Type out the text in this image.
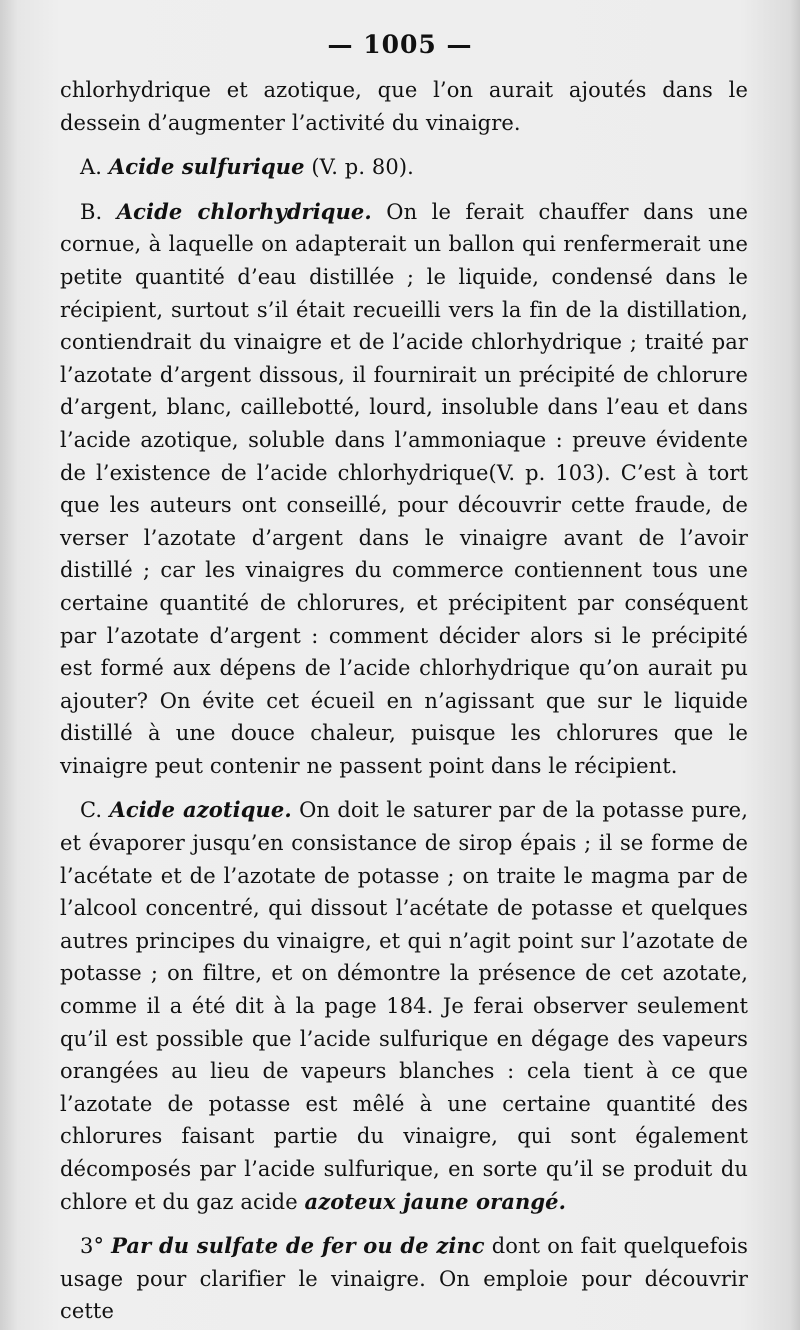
— 1005 —

chlorhydrique et azotique, que l’on aurait ajoutés dans le dessein d’augmenter l’activité du vinaigre.

A. Acide sulfurique (V. p. 80).

B. Acide chlorhydrique. On le ferait chauffer dans une cornue, à laquelle on adapterait un ballon qui renfermerait une petite quantité d’eau distillée ; le liquide, condensé dans le récipient, surtout s’il était recueilli vers la fin de la distillation, contiendrait du vinaigre et de l’acide chlorhydrique ; traité par l’azotate d’argent dissous, il fournirait un précipité de chlorure d’argent, blanc, caillebotté, lourd, insoluble dans l’eau et dans l’acide azotique, soluble dans l’ammoniaque : preuve évidente de l’existence de l’acide chlorhydrique(V. p. 103). C’est à tort que les auteurs ont conseillé, pour découvrir cette fraude, de verser l’azotate d’argent dans le vinaigre avant de l’avoir distillé ; car les vinaigres du commerce contiennent tous une certaine quantité de chlorures, et précipitent par conséquent par l’azotate d’argent : comment décider alors si le précipité est formé aux dépens de l’acide chlorhydrique qu’on aurait pu ajouter? On évite cet écueil en n’agissant que sur le liquide distillé à une douce chaleur, puisque les chlorures que le vinaigre peut contenir ne passent point dans le récipient.

C. Acide azotique. On doit le saturer par de la potasse pure, et évaporer jusqu’en consistance de sirop épais ; il se forme de l’acétate et de l’azotate de potasse ; on traite le magma par de l’alcool concentré, qui dissout l’acétate de potasse et quelques autres principes du vinaigre, et qui n’agit point sur l’azotate de potasse ; on filtre, et on démontre la présence de cet azotate, comme il a été dit à la page 184. Je ferai observer seulement qu’il est possible que l’acide sulfurique en dégage des vapeurs orangées au lieu de vapeurs blanches : cela tient à ce que l’azotate de potasse est mêlé à une certaine quantité des chlorures faisant partie du vinaigre, qui sont également décomposés par l’acide sulfurique, en sorte qu’il se produit du chlore et du gaz acide azoteux jaune orangé.

3° Par du sulfate de fer ou de zinc dont on fait quelquefois usage pour clarifier le vinaigre. On emploie pour découvrir cette
